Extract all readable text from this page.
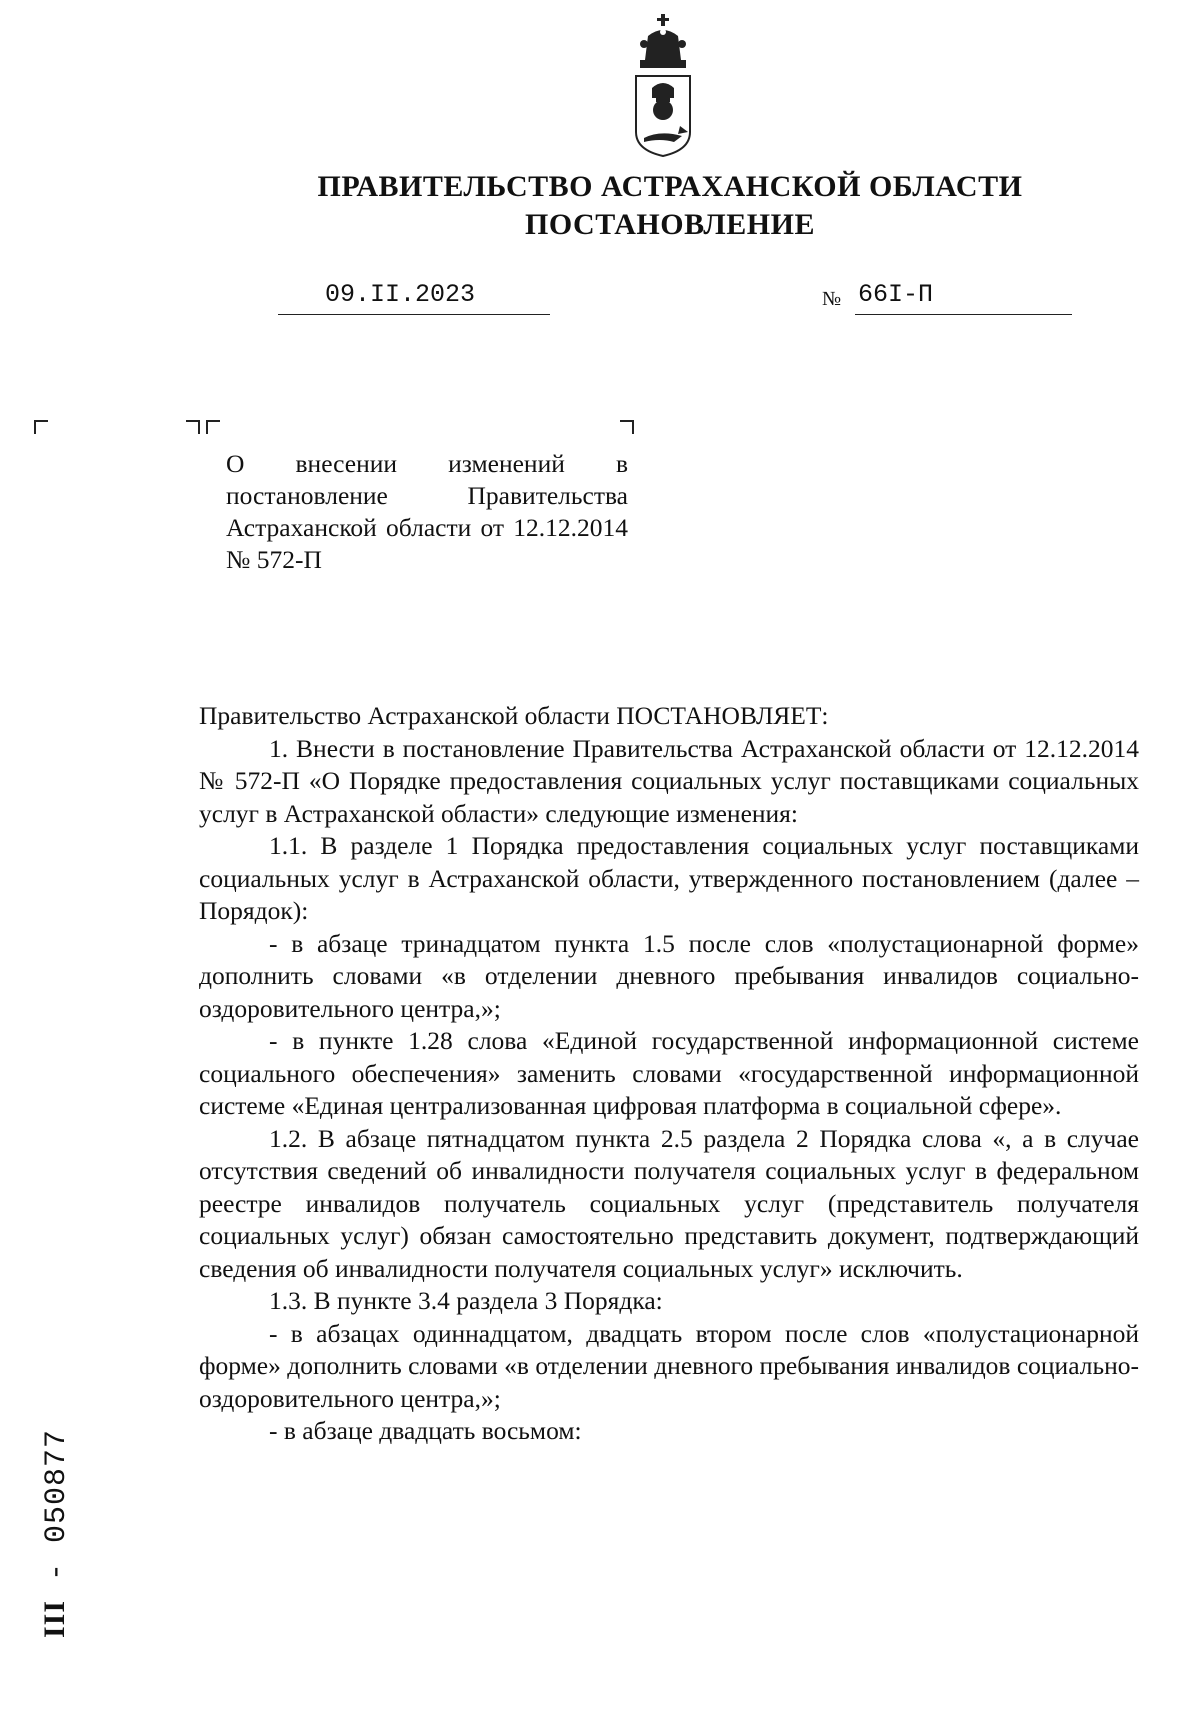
ПРАВИТЕЛЬСТВО АСТРАХАНСКОЙ ОБЛАСТИ
ПОСТАНОВЛЕНИЕ
09.II.2023	№ 66I-П
О внесении изменений в постановление Правительства Астраханской области от 12.12.2014 № 572-П

Правительство Астраханской области ПОСТАНОВЛЯЕТ:

1. Внести в постановление Правительства Астраханской области от 12.12.2014 № 572-П «О Порядке предоставления социальных услуг поставщиками социальных услуг в Астраханской области» следующие изменения:

1.1. В разделе 1 Порядка предоставления социальных услуг поставщиками социальных услуг в Астраханской области, утвержденного постановлением (далее – Порядок):

- в абзаце тринадцатом пункта 1.5 после слов «полустационарной форме» дополнить словами «в отделении дневного пребывания инвалидов социально-оздоровительного центра,»;

- в пункте 1.28 слова «Единой государственной информационной системе социального обеспечения» заменить словами «государственной информационной системе «Единая централизованная цифровая платформа в социальной сфере».

1.2. В абзаце пятнадцатом пункта 2.5 раздела 2 Порядка слова «, а в случае отсутствия сведений об инвалидности получателя социальных услуг в федеральном реестре инвалидов получатель социальных услуг (представитель получателя социальных услуг) обязан самостоятельно представить документ, подтверждающий сведения об инвалидности получателя социальных услуг» исключить.

1.3. В пункте 3.4 раздела 3 Порядка:

- в абзацах одиннадцатом, двадцать втором после слов «полустационарной форме» дополнить словами «в отделении дневного пребывания инвалидов социально-оздоровительного центра,»;

- в абзаце двадцать восьмом:

III - 050877
